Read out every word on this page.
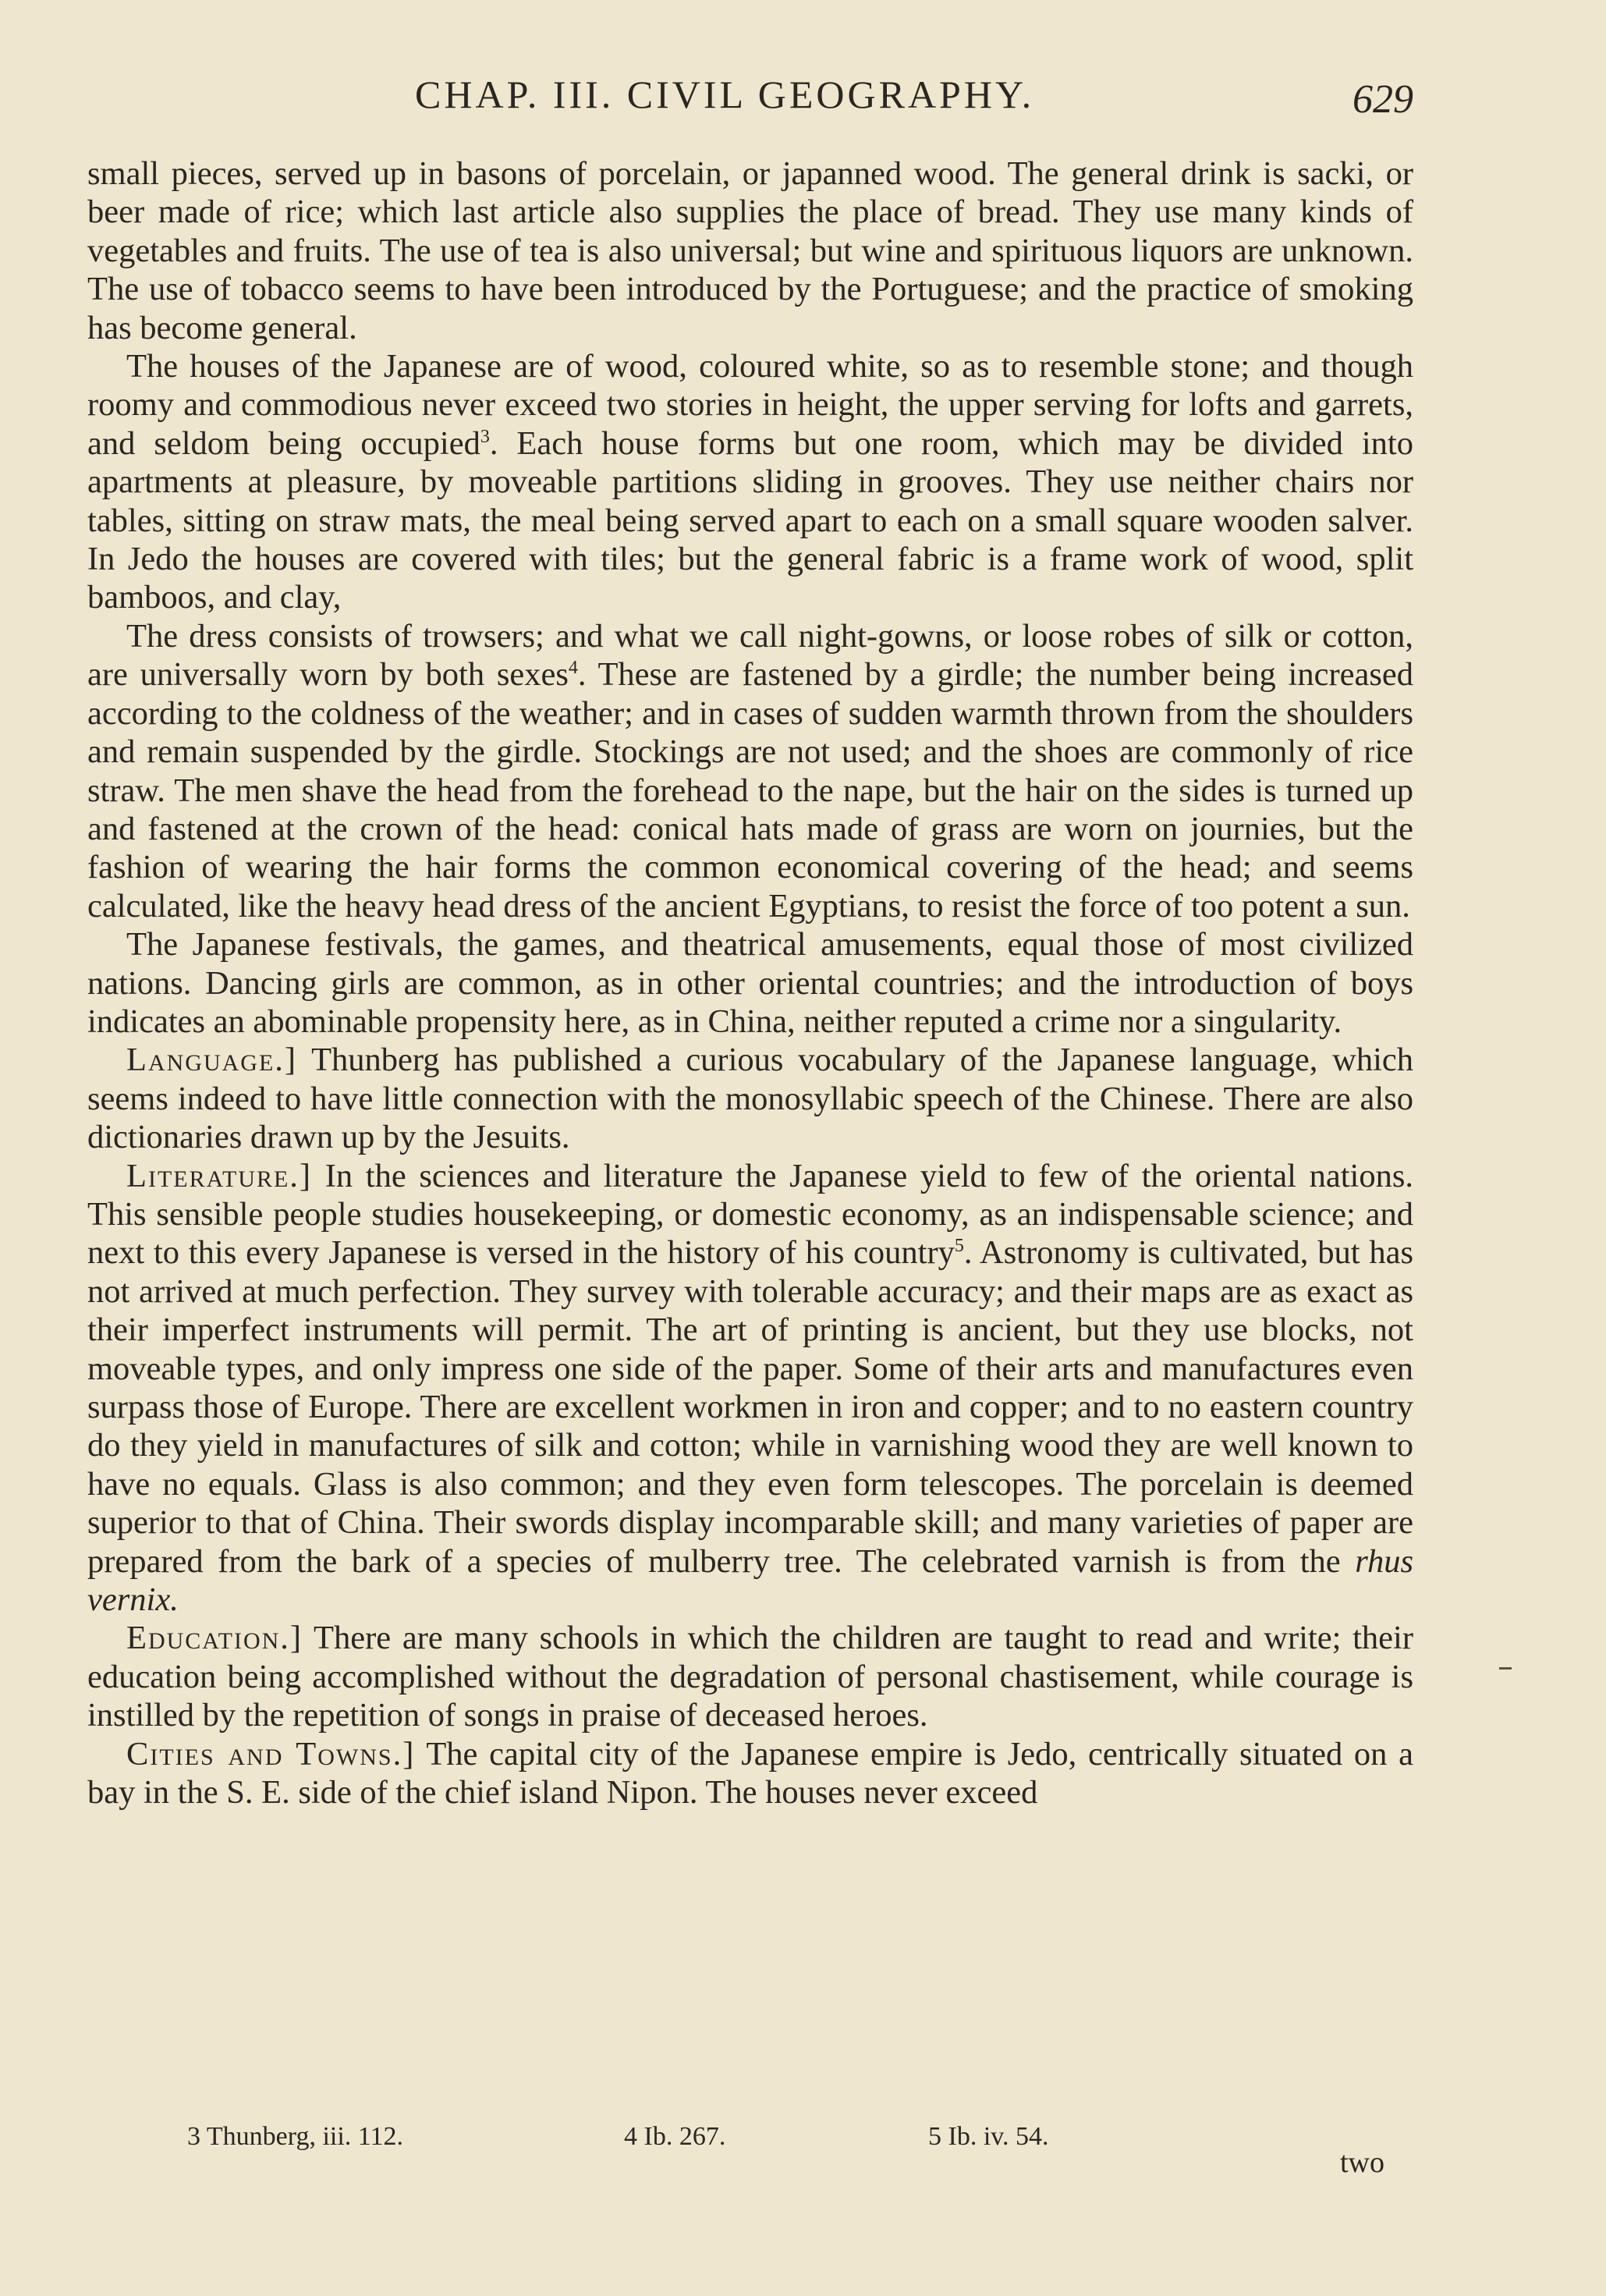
CHAP. III. CIVIL GEOGRAPHY.	629

small pieces, served up in basons of porcelain, or japanned wood. The general drink is sacki, or beer made of rice; which last article also supplies the place of bread. They use many kinds of vegetables and fruits. The use of tea is also universal; but wine and spirituous liquors are unknown. The use of tobacco seems to have been introduced by the Portuguese; and the practice of smoking has become general.

The houses of the Japanese are of wood, coloured white, so as to resemble stone; and though roomy and commodious never exceed two stories in height, the upper serving for lofts and garrets, and seldom being occupied$^3$. Each house forms but one room, which may be divided into apartments at pleasure, by moveable partitions sliding in grooves. They use neither chairs nor tables, sitting on straw mats, the meal being served apart to each on a small square wooden salver. In Jedo the houses are covered with tiles; but the general fabric is a frame work of wood, split bamboos, and clay,

The dress consists of trowsers; and what we call night-gowns, or loose robes of silk or cotton, are universally worn by both sexes$^4$. These are fastened by a girdle; the number being increased according to the coldness of the weather; and in cases of sudden warmth thrown from the shoulders and remain suspended by the girdle. Stockings are not used; and the shoes are commonly of rice straw. The men shave the head from the forehead to the nape, but the hair on the sides is turned up and fastened at the crown of the head: conical hats made of grass are worn on journies, but the fashion of wearing the hair forms the common economical covering of the head; and seems calculated, like the heavy head dress of the ancient Egyptians, to resist the force of too potent a sun.

The Japanese festivals, the games, and theatrical amusements, equal those of most civilized nations. Dancing girls are common, as in other oriental countries; and the introduction of boys indicates an abominable propensity here, as in China, neither reputed a crime nor a singularity.

Language.] Thunberg has published a curious vocabulary of the Japanese language, which seems indeed to have little connection with the monosyllabic speech of the Chinese. There are also dictionaries drawn up by the Jesuits.

Literature.] In the sciences and literature the Japanese yield to few of the oriental nations. This sensible people studies housekeeping, or domestic economy, as an indispensable science; and next to this every Japanese is versed in the history of his country$^5$. Astronomy is cultivated, but has not arrived at much perfection. They survey with tolerable accuracy; and their maps are as exact as their imperfect instruments will permit. The art of printing is ancient, but they use blocks, not moveable types, and only impress one side of the paper. Some of their arts and manufactures even surpass those of Europe. There are excellent workmen in iron and copper; and to no eastern country do they yield in manufactures of silk and cotton; while in varnishing wood they are well known to have no equals. Glass is also common; and they even form telescopes. The porcelain is deemed superior to that of China. Their swords display incomparable skill; and many varieties of paper are prepared from the bark of a species of mulberry tree. The celebrated varnish is from the rhus vernix.

Education.] There are many schools in which the children are taught to read and write; their education being accomplished without the degradation of personal chastisement, while courage is instilled by the repetition of songs in praise of deceased heroes.

Cities and Towns.] The capital city of the Japanese empire is Jedo, centrically situated on a bay in the S. E. side of the chief island Nipon. The houses never exceed

3 Thunberg, iii. 112.	4 Ib. 267.	5 Ib. iv. 54.
two
